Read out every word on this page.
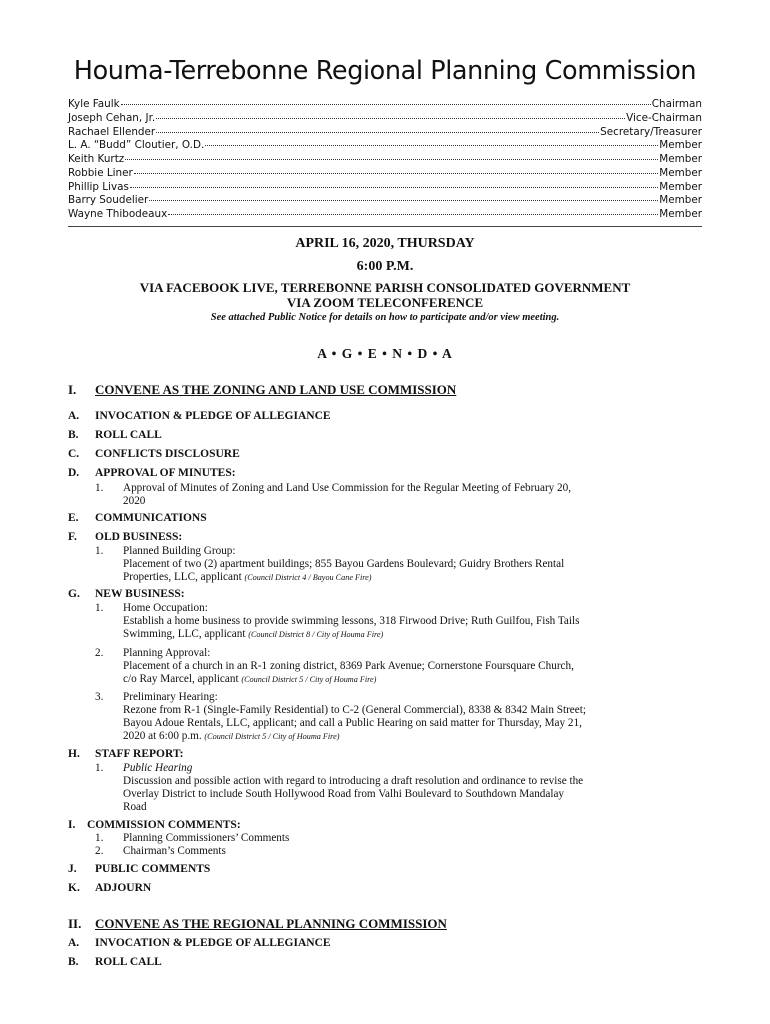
Houma-Terrebonne Regional Planning Commission
Kyle Faulk	Chairman
Joseph Cehan, Jr.	Vice-Chairman
Rachael Ellender	Secretary/Treasurer
L. A. “Budd” Cloutier, O.D.	Member
Keith Kurtz	Member
Robbie Liner	Member
Phillip Livas	Member
Barry Soudelier	Member
Wayne Thibodeaux	Member
APRIL 16, 2020, THURSDAY
6:00 P.M.
VIA FACEBOOK LIVE, TERREBONNE PARISH CONSOLIDATED GOVERNMENT
VIA ZOOM TELECONFERENCE
See attached Public Notice for details on how to participate and/or view meeting.
A • G • E • N • D • A
I. CONVENE AS THE ZONING AND LAND USE COMMISSION
A. INVOCATION & PLEDGE OF ALLEGIANCE
B. ROLL CALL
C. CONFLICTS DISCLOSURE
D. APPROVAL OF MINUTES:
1.	Approval of Minutes of Zoning and Land Use Commission for the Regular Meeting of February 20,
2020
E. COMMUNICATIONS
F. OLD BUSINESS:
1.	Planned Building Group:
Placement of two (2) apartment buildings; 855 Bayou Gardens Boulevard; Guidry Brothers Rental
Properties, LLC, applicant (Council District 4 / Bayou Cane Fire)
G. NEW BUSINESS:
1.	Home Occupation:
Establish a home business to provide swimming lessons, 318 Firwood Drive; Ruth Guilfou, Fish Tails
Swimming, LLC, applicant (Council District 8 / City of Houma Fire)
2.	Planning Approval:
Placement of a church in an R-1 zoning district, 8369 Park Avenue; Cornerstone Foursquare Church,
c/o Ray Marcel, applicant (Council District 5 / City of Houma Fire)
3.	Preliminary Hearing:
Rezone from R-1 (Single-Family Residential) to C-2 (General Commercial), 8338 & 8342 Main Street;
Bayou Adoue Rentals, LLC, applicant; and call a Public Hearing on said matter for Thursday, May 21,
2020 at 6:00 p.m. (Council District 5 / City of Houma Fire)
H. STAFF REPORT:
1.	Public Hearing
Discussion and possible action with regard to introducing a draft resolution and ordinance to revise the
Overlay District to include South Hollywood Road from Valhi Boulevard to Southdown Mandalay
Road
I. COMMISSION COMMENTS:
1.	Planning Commissioners’ Comments
2.	Chairman’s Comments
J. PUBLIC COMMENTS
K. ADJOURN
II. CONVENE AS THE REGIONAL PLANNING COMMISSION
A. INVOCATION & PLEDGE OF ALLEGIANCE
B. ROLL CALL
